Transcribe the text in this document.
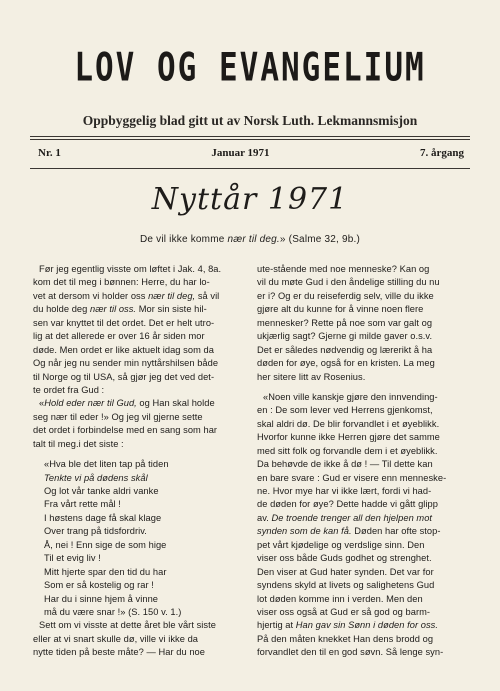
LOV OG EVANGELIUM
Oppbyggelig blad gitt ut av Norsk Luth. Lekmannsmisjon
Nr. 1	Januar 1971	7. årgang
Nyttår 1971
De vil ikke komme nær til deg.» (Salme 32, 9b.)
Før jeg egentlig visste om løftet i Jak. 4, 8a.
kom det til meg i bønnen: Herre, du har lo-
vet at dersom vi holder oss nær til deg, så vil
du holde deg nær til oss. Mor sin siste hil-
sen var knyttet til det ordet. Det er helt utro-
lig at det allerede er over 16 år siden mor
døde. Men ordet er like aktuelt idag som da
Og når jeg nu sender min nyttårshilsen både
til Norge og til USA, så gjør jeg det ved det-
te ordet fra Gud :
«Hold eder nær til Gud, og Han skal holde
seg nær til eder !» Og jeg vil gjerne sette
det ordet i forbindelse med en sang som har
talt til meg.i det siste :
«Hva ble det liten tap på tiden
Tenkte vi på dødens skål
Og lot vår tanke aldri vanke
Fra vårt rette mål !
I høstens dage få skal klage
Over trang på tidsfordriv.
Å, nei ! Enn sige de som hige
Til et evig liv !
Mitt hjerte spar den tid du har
Som er så kostelig og rar !
Har du i sinne hjem å vinne
må du være snar !» (S. 150 v. 1.)
Sett om vi visste at dette året ble vårt siste
eller at vi snart skulle dø, ville vi ikke da
nytte tiden på beste måte? — Har du noe
ute-stående med noe menneske? Kan og
vil du møte Gud i den åndelige stilling du nu
er i? Og er du reiseferdig selv, ville du ikke
gjøre alt du kunne for å vinne noen flere
mennesker? Rette på noe som var galt og
ukjærlig sagt? Gjerne gi milde gaver o.s.v.
Det er således nødvendig og lærerikt å ha
døden for øye, også for en kristen. La meg
her sitere litt av Rosenius.
«Noen ville kanskje gjøre den innvending-
en : De som lever ved Herrens gjenkomst,
skal aldri dø. De blir forvandlet i et øyeblikk.
Hvorfor kunne ikke Herren gjøre det samme
med sitt folk og forvandle dem i et øyeblikk.
Da behøvde de ikke å dø ! — Til dette kan
en bare svare : Gud er visere enn menneske-
ne. Hvor mye har vi ikke lært, fordi vi had-
de døden for øye? Dette hadde vi gått glipp
av. De troende trenger all den hjelpen mot
synden som de kan få. Døden har ofte stop-
pet vårt kjødelige og verdslige sinn. Den
viser oss både Guds godhet og strenghet.
Den viser at Gud hater synden. Det var for
syndens skyld at livets og salighetens Gud
lot døden komme inn i verden. Men den
viser oss også at Gud er så god og barm-
hjertig at Han gav sin Sønn i døden for oss.
På den måten knekket Han dens brodd og
forvandlet den til en god søvn. Så lenge syn-
